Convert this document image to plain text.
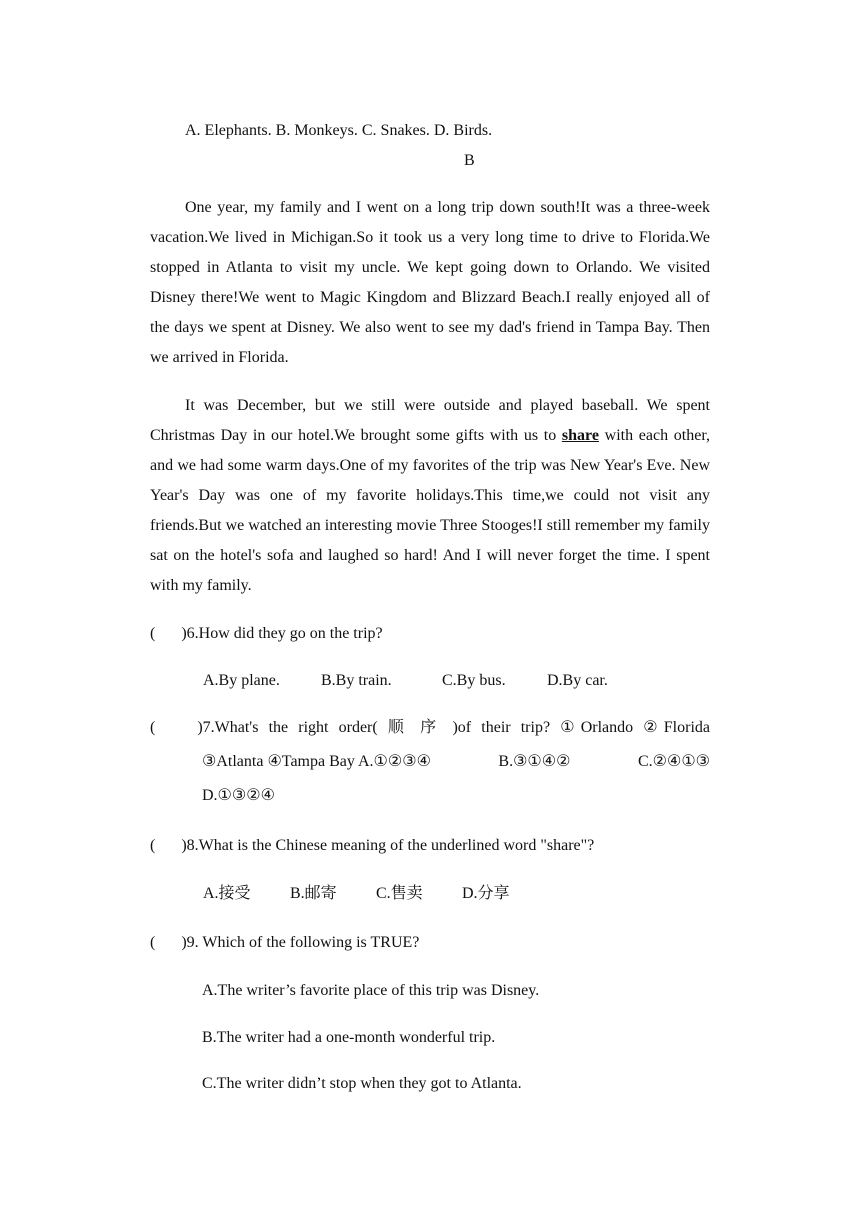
A. Elephants. B. Monkeys. C. Snakes. D. Birds.
B
One year, my family and I went on a long trip down south!It was a three-week vacation.We lived in Michigan.So it took us a very long time to drive to Florida.We stopped in Atlanta to visit my uncle. We kept going down to Orlando. We visited Disney there!We went to Magic Kingdom and Blizzard Beach.I really enjoyed all of the days we spent at Disney. We also went to see my dad's friend in Tampa Bay. Then we arrived in Florida.
It was December, but we still were outside and played baseball. We spent Christmas Day in our hotel.We brought some gifts with us to share with each other, and we had some warm days.One of my favorites of the trip was New Year's Eve. New Year's Day was one of my favorite holidays.This time,we could not visit any friends.But we watched an interesting movie Three Stooges!I still remember my family sat on the hotel's sofa and laughed so hard! And I will never forget the time. I spent with my family.
( )6.How did they go on the trip?
A.By plane.	B.By train.	C.By bus.	D.By car.
(	)7.What's the right order( 顺 序 )of their trip? ①Orlando ②Florida
③Atlanta ④Tampa Bay A.①②③④	B.③①④②	C.②④①③
D.①③②④
( )8.What is the Chinese meaning of the underlined word "share"?
A.接受 B.邮寄 C.售卖 D.分享
( )9. Which of the following is TRUE?
A.The writer’s favorite place of this trip was Disney.
B.The writer had a one-month wonderful trip.
C.The writer didn’t stop when they got to Atlanta.
